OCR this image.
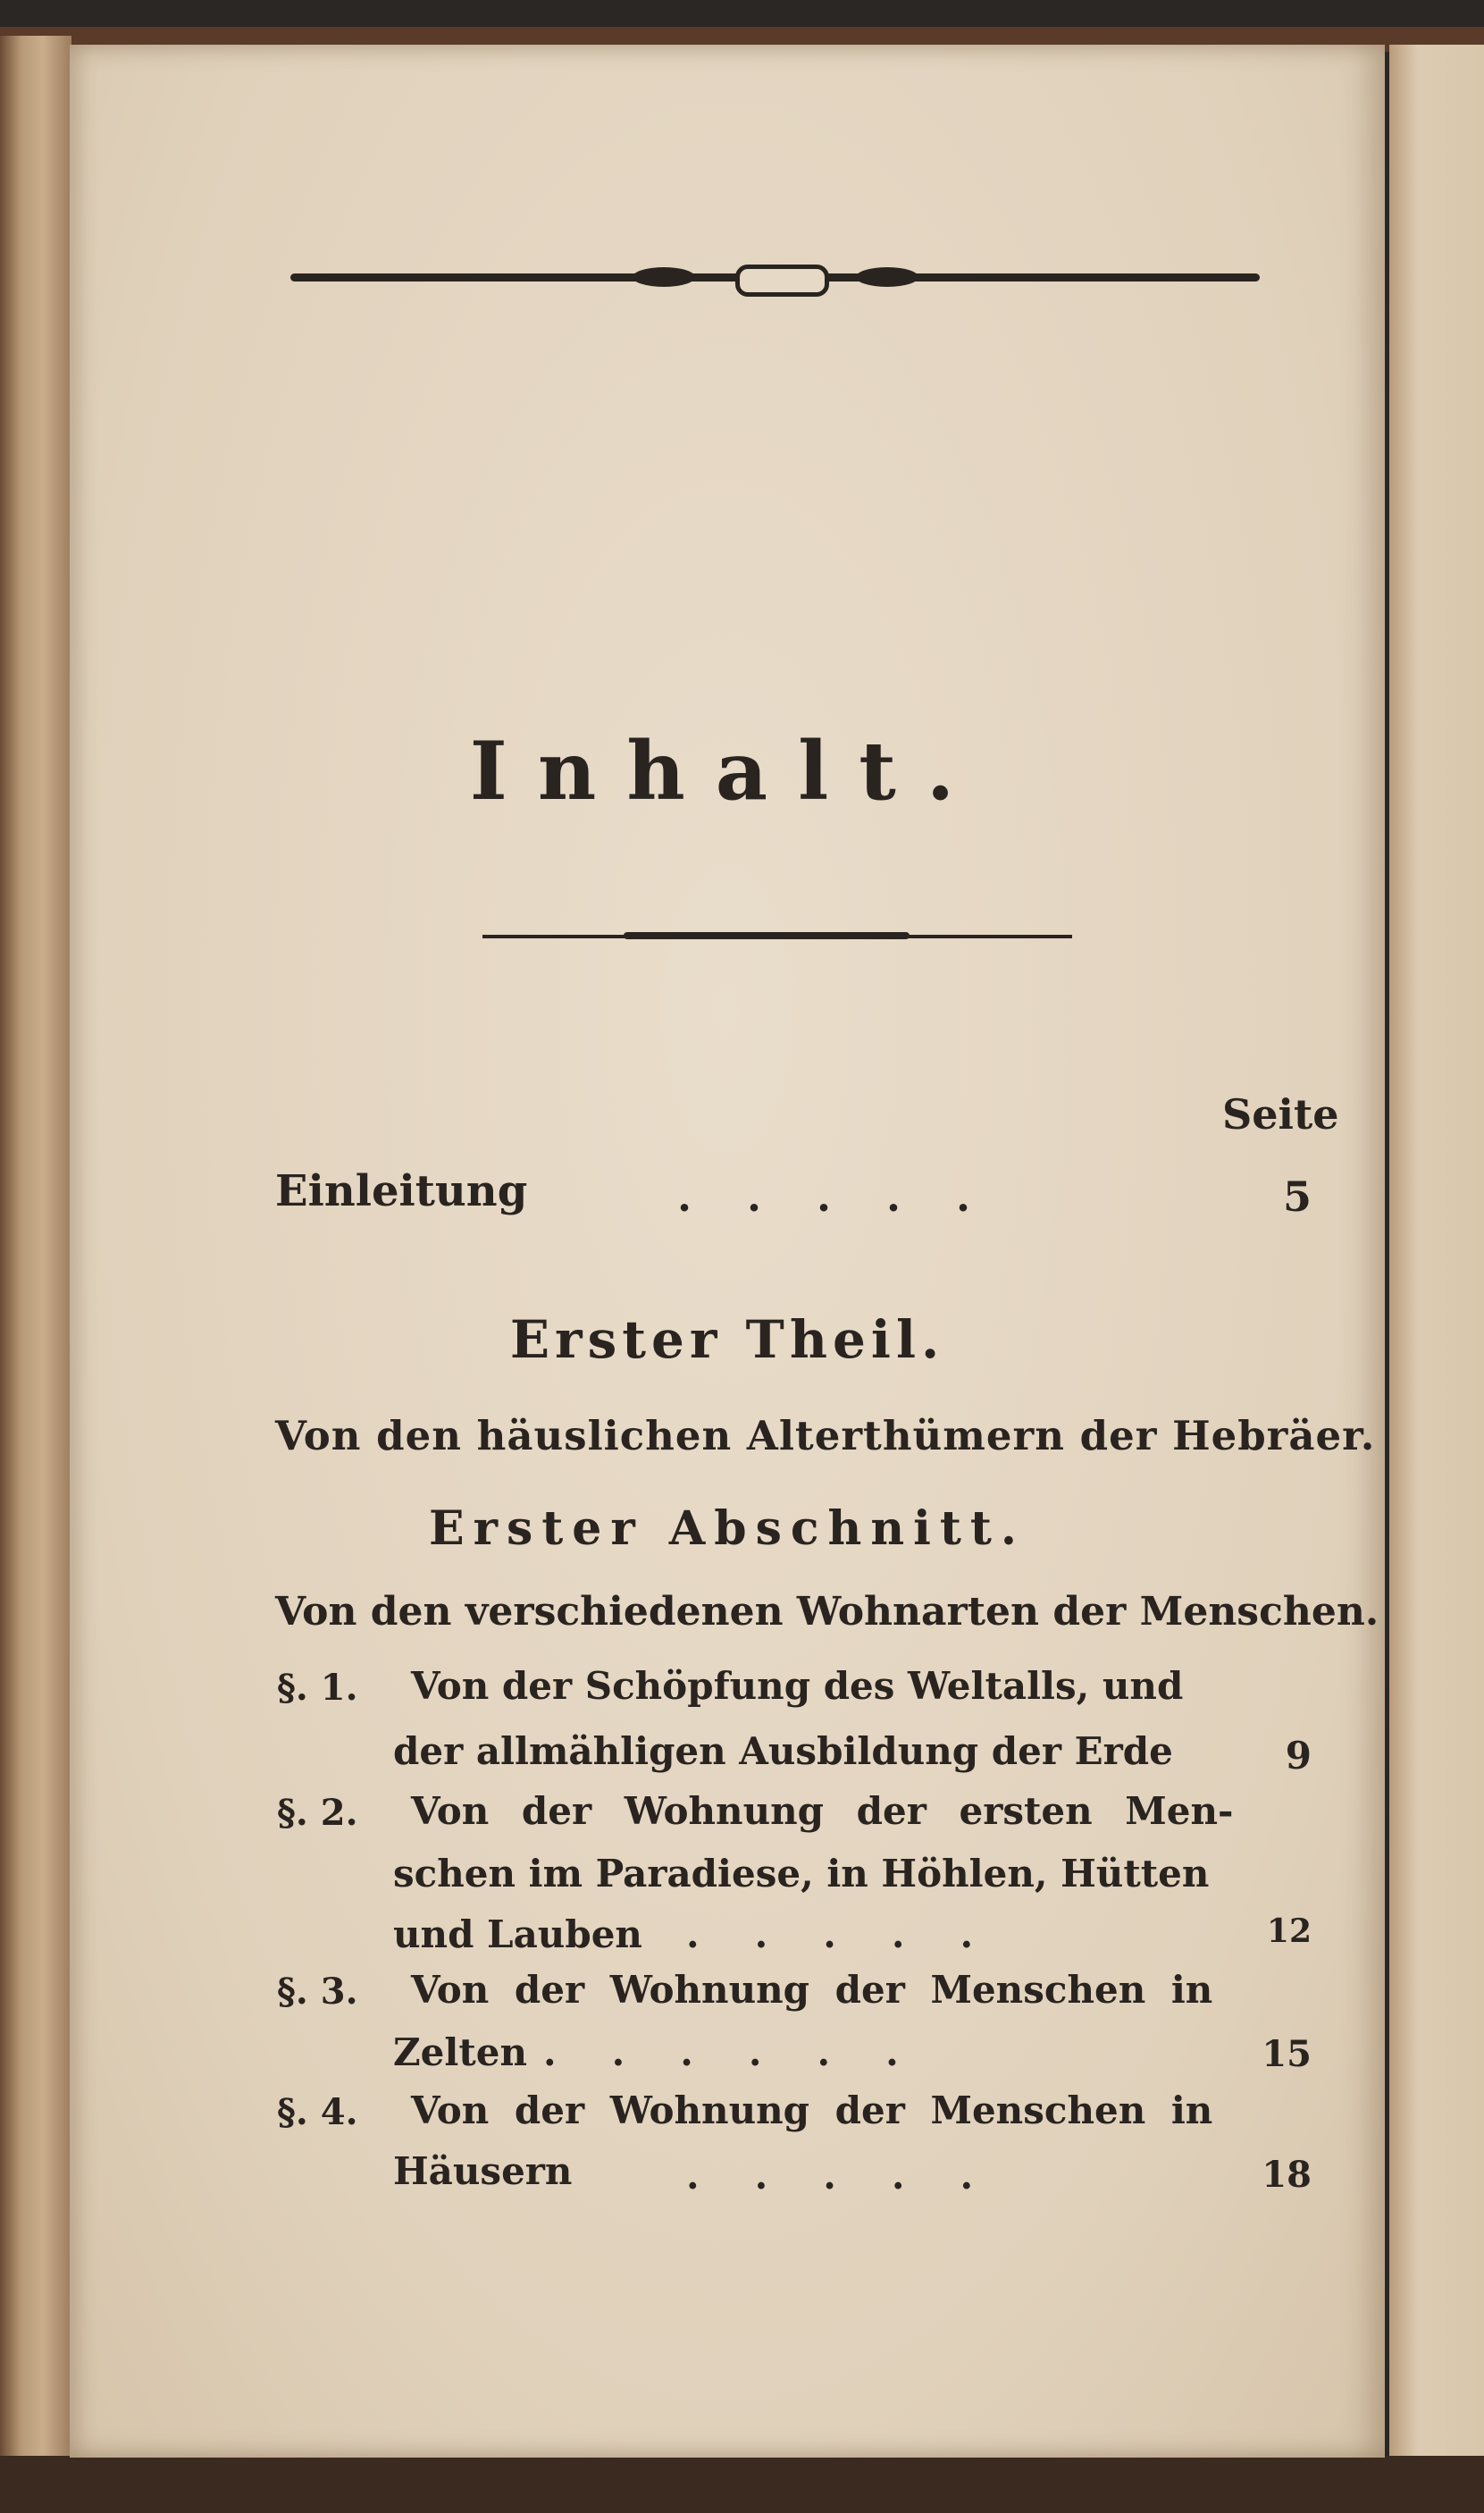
Inhalt.
Seite
Einleitung	.....	5
Erster Theil.
Von den häuslichen Alterthümern der Hebräer.
Erster Abschnitt.
Von den verschiedenen Wohnarten der Menschen.
§. 1. Von der Schöpfung des Weltalls, und
der allmähligen Ausbildung der Erde	9
§. 2. Von der Wohnung der ersten Men-
schen im Paradiese, in Höhlen, Hütten
und Lauben .....	12
§. 3. Von der Wohnung der Menschen in
Zelten ......	15
§. 4. Von der Wohnung der Menschen in
Häusern	.....	18
